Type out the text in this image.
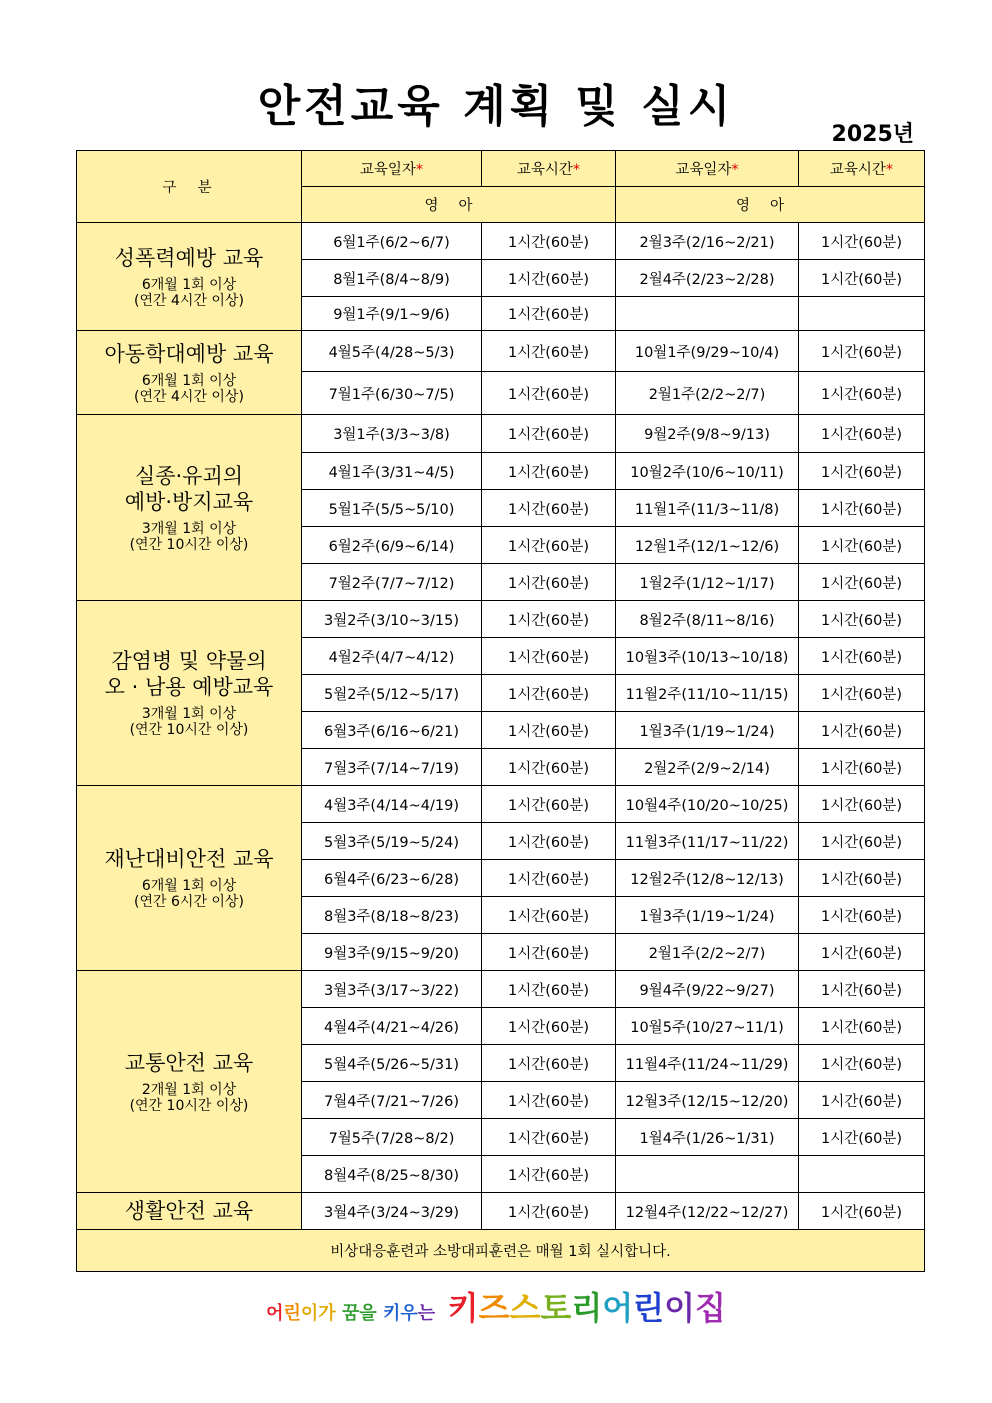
안전교육 계획 및 실시
2025년
구  분	교육일자*	교육시간*	교육일자*	교육시간*
	영아		영아	

성폭력예방 교육
6개월 1회 이상
(연간 4시간 이상)	6월1주(6/2~6/7)	1시간(60분)	2월3주(2/16~2/21)	1시간(60분)
	8월1주(8/4~8/9)	1시간(60분)	2월4주(2/23~2/28)	1시간(60분)
	9월1주(9/1~9/6)	1시간(60분)		

아동학대예방 교육
6개월 1회 이상
(연간 4시간 이상)	4월5주(4/28~5/3)	1시간(60분)	10월1주(9/29~10/4)	1시간(60분)
	7월1주(6/30~7/5)	1시간(60분)	2월1주(2/2~2/7)	1시간(60분)

실종·유괴의
예방·방지교육
3개월 1회 이상
(연간 10시간 이상)	3월1주(3/3~3/8)	1시간(60분)	9월2주(9/8~9/13)	1시간(60분)
	4월1주(3/31~4/5)	1시간(60분)	10월2주(10/6~10/11)	1시간(60분)
	5월1주(5/5~5/10)	1시간(60분)	11월1주(11/3~11/8)	1시간(60분)
	6월2주(6/9~6/14)	1시간(60분)	12월1주(12/1~12/6)	1시간(60분)
	7월2주(7/7~7/12)	1시간(60분)	1월2주(1/12~1/17)	1시간(60분)

감염병 및 약물의
오 · 남용 예방교육
3개월 1회 이상
(연간 10시간 이상)	3월2주(3/10~3/15)	1시간(60분)	8월2주(8/11~8/16)	1시간(60분)
	4월2주(4/7~4/12)	1시간(60분)	10월3주(10/13~10/18)	1시간(60분)
	5월2주(5/12~5/17)	1시간(60분)	11월2주(11/10~11/15)	1시간(60분)
	6월3주(6/16~6/21)	1시간(60분)	1월3주(1/19~1/24)	1시간(60분)
	7월3주(7/14~7/19)	1시간(60분)	2월2주(2/9~2/14)	1시간(60분)

재난대비안전 교육
6개월 1회 이상
(연간 6시간 이상)	4월3주(4/14~4/19)	1시간(60분)	10월4주(10/20~10/25)	1시간(60분)
	5월3주(5/19~5/24)	1시간(60분)	11월3주(11/17~11/22)	1시간(60분)
	6월4주(6/23~6/28)	1시간(60분)	12월2주(12/8~12/13)	1시간(60분)
	8월3주(8/18~8/23)	1시간(60분)	1월3주(1/19~1/24)	1시간(60분)
	9월3주(9/15~9/20)	1시간(60분)	2월1주(2/2~2/7)	1시간(60분)

교통안전 교육
2개월 1회 이상
(연간 10시간 이상)	3월3주(3/17~3/22)	1시간(60분)	9월4주(9/22~9/27)	1시간(60분)
	4월4주(4/21~4/26)	1시간(60분)	10월5주(10/27~11/1)	1시간(60분)
	5월4주(5/26~5/31)	1시간(60분)	11월4주(11/24~11/29)	1시간(60분)
	7월4주(7/21~7/26)	1시간(60분)	12월3주(12/15~12/20)	1시간(60분)
	7월5주(7/28~8/2)	1시간(60분)	1월4주(1/26~1/31)	1시간(60분)
	8월4주(8/25~8/30)	1시간(60분)		

생활안전 교육	3월4주(3/24~3/29)	1시간(60분)	12월4주(12/22~12/27)	1시간(60분)
비상대응훈련과 소방대피훈련은 매월 1회 실시합니다.				
어린이가 꿈을 키우는  키즈스토리어린이집
